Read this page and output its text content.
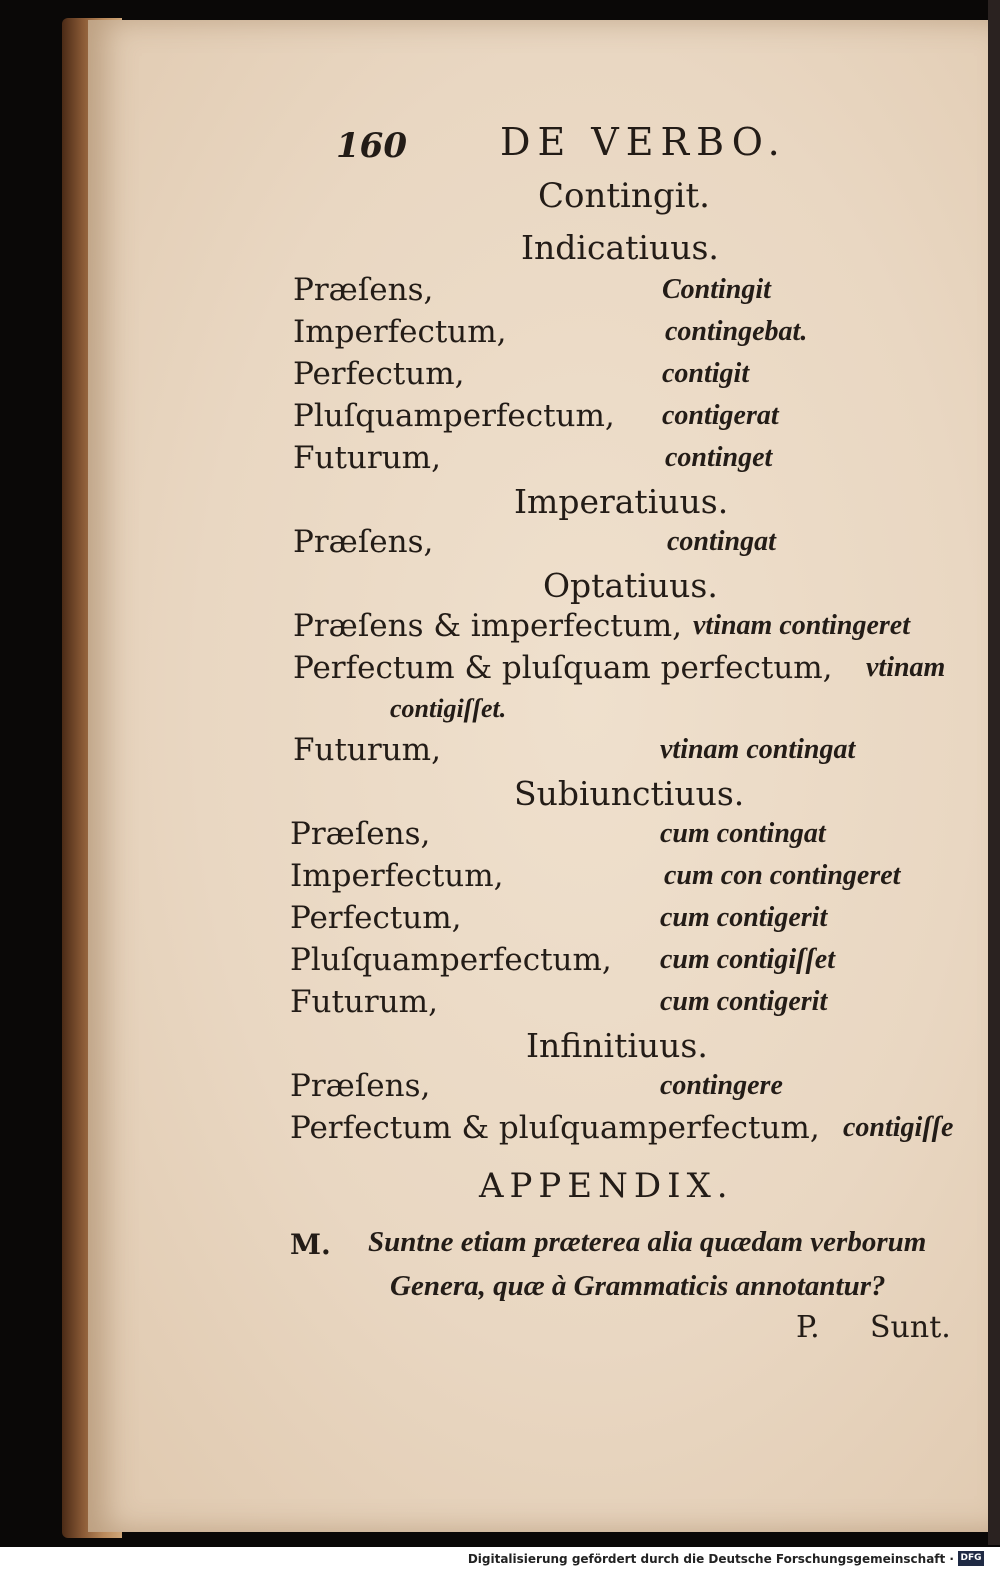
160 DE VERBO.
Contingit.
Indicatiuus.
Præſens,	Contingit
Imperfectum,	contingebat.
Perfectum,	contigit
Pluſquamperfectum, contigerat
Futurum,	continget
Imperatiuus.
Præſens,	contingat
Optatiuus.
Præſens & imperfectum, vtinam contingeret
Perfectum & pluſquam perfectum, vtinam
contigiſſet.
Futurum,	vtinam contingat
Subiunctiuus.
Præſens,	cum contingat
Imperfectum,	cum con contingeret
Perfectum,	cum contigerit
Pluſquamperfectum, cum contigiſſet
Futurum,	cum contigerit
Infinitiuus.
Præſens,	contingere
Perfectum & pluſquamperfectum, contigiſſe
APPENDIX.
M. Suntne etiam præterea alia quædam verborum
Genera, quæ à Grammaticis annotantur?
P. Sunt.
Digitalisierung gefördert durch die Deutsche Forschungsgemeinschaft · DFG
